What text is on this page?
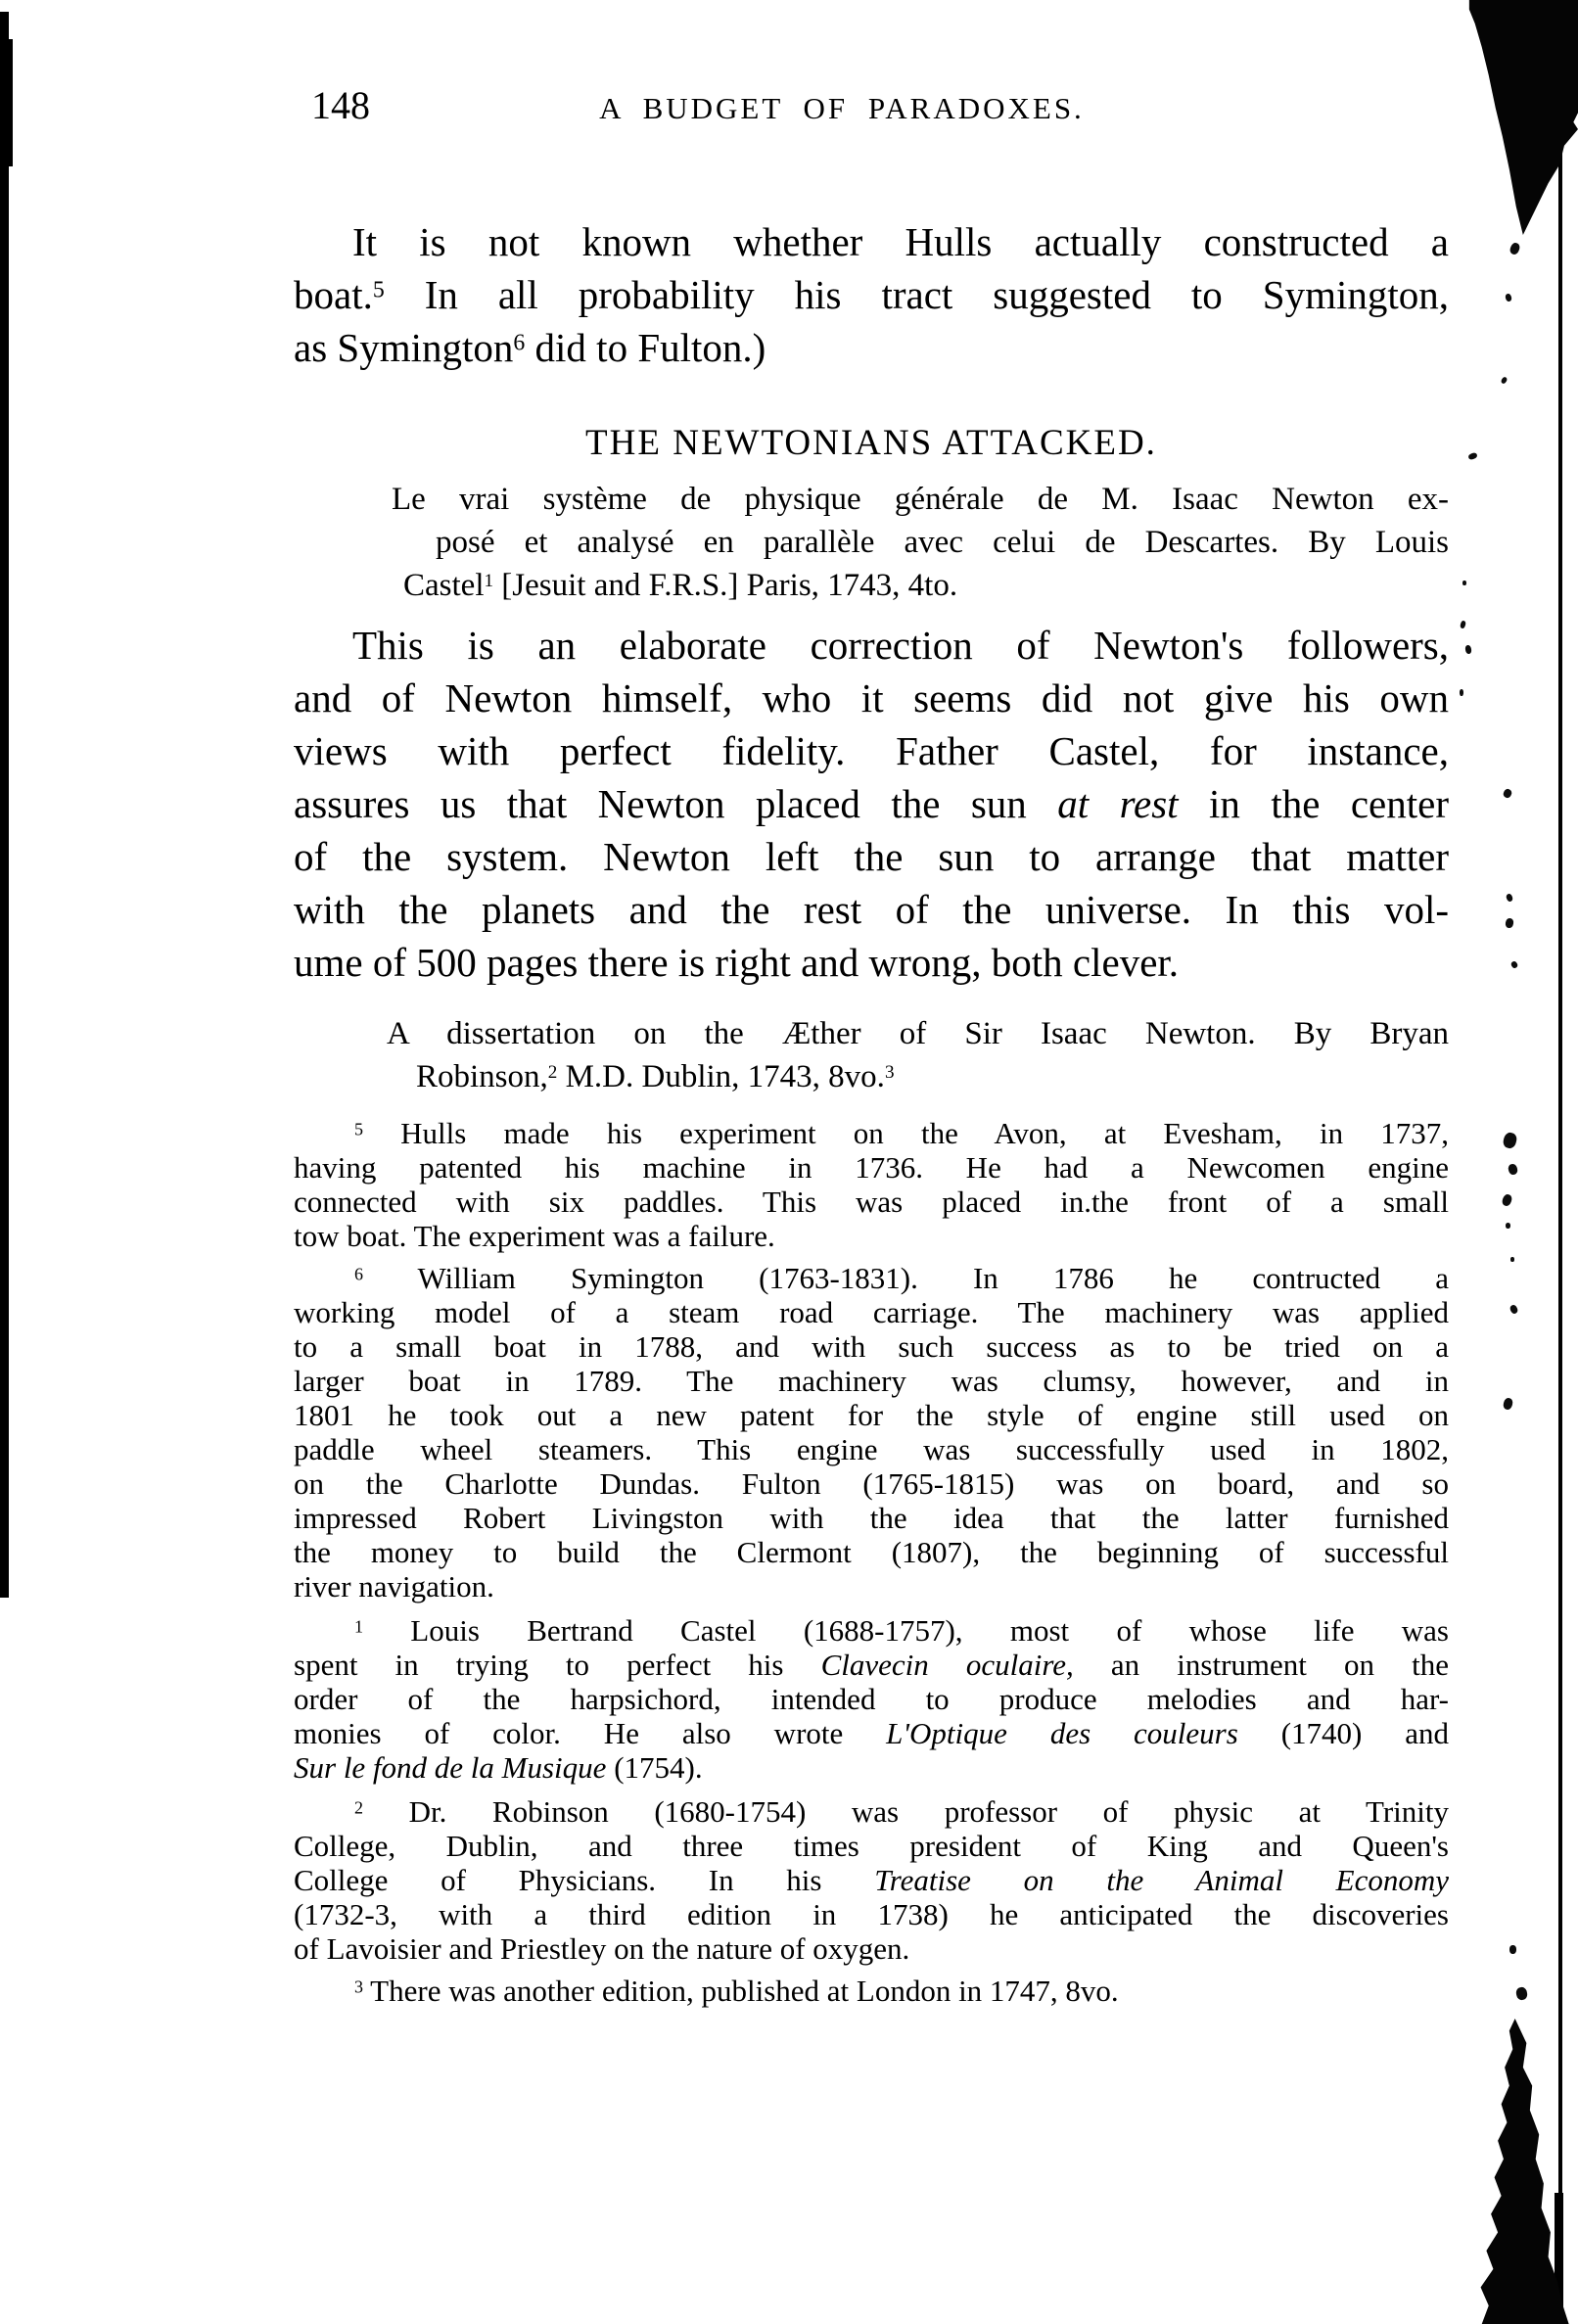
148	A BUDGET OF PARADOXES.
It is not known whether Hulls actually constructed a
boat.$^5$ In all probability his tract suggested to Symington,
as Symington$^6$ did to Fulton.)
THE NEWTONIANS ATTACKED.
Le vrai système de physique générale de M. Isaac Newton ex-
posé et analysé en parallèle avec celui de Descartes. By Louis
Castel$^1$ [Jesuit and F.R.S.] Paris, 1743, 4to.
This is an elaborate correction of Newton's followers,
and of Newton himself, who it seems did not give his own
views with perfect fidelity. Father Castel, for instance,
assures us that Newton placed the sun at rest in the center
of the system. Newton left the sun to arrange that matter
with the planets and the rest of the universe. In this vol-
ume of 500 pages there is right and wrong, both clever.
A dissertation on the Æther of Sir Isaac Newton. By Bryan
Robinson,$^2$ M.D. Dublin, 1743, 8vo.$^3$
$^5$ Hulls made his experiment on the Avon, at Evesham, in 1737,
having patented his machine in 1736. He had a Newcomen engine
connected with six paddles. This was placed in.the front of a small
tow boat. The experiment was a failure.
$^6$ William Symington (1763-1831). In 1786 he contructed a
working model of a steam road carriage. The machinery was applied
to a small boat in 1788, and with such success as to be tried on a
larger boat in 1789. The machinery was clumsy, however, and in
1801 he took out a new patent for the style of engine still used on
paddle wheel steamers. This engine was successfully used in 1802,
on the Charlotte Dundas. Fulton (1765-1815) was on board, and so
impressed Robert Livingston with the idea that the latter furnished
the money to build the Clermont (1807), the beginning of successful
river navigation.
$^1$ Louis Bertrand Castel (1688-1757), most of whose life was
spent in trying to perfect his Clavecin oculaire, an instrument on the
order of the harpsichord, intended to produce melodies and har-
monies of color. He also wrote L'Optique des couleurs (1740) and
Sur le fond de la Musique (1754).
$^2$ Dr. Robinson (1680-1754) was professor of physic at Trinity
College, Dublin, and three times president of King and Queen's
College of Physicians. In his Treatise on the Animal Economy
(1732-3, with a third edition in 1738) he anticipated the discoveries
of Lavoisier and Priestley on the nature of oxygen.
$^3$ There was another edition, published at London in 1747, 8vo.
